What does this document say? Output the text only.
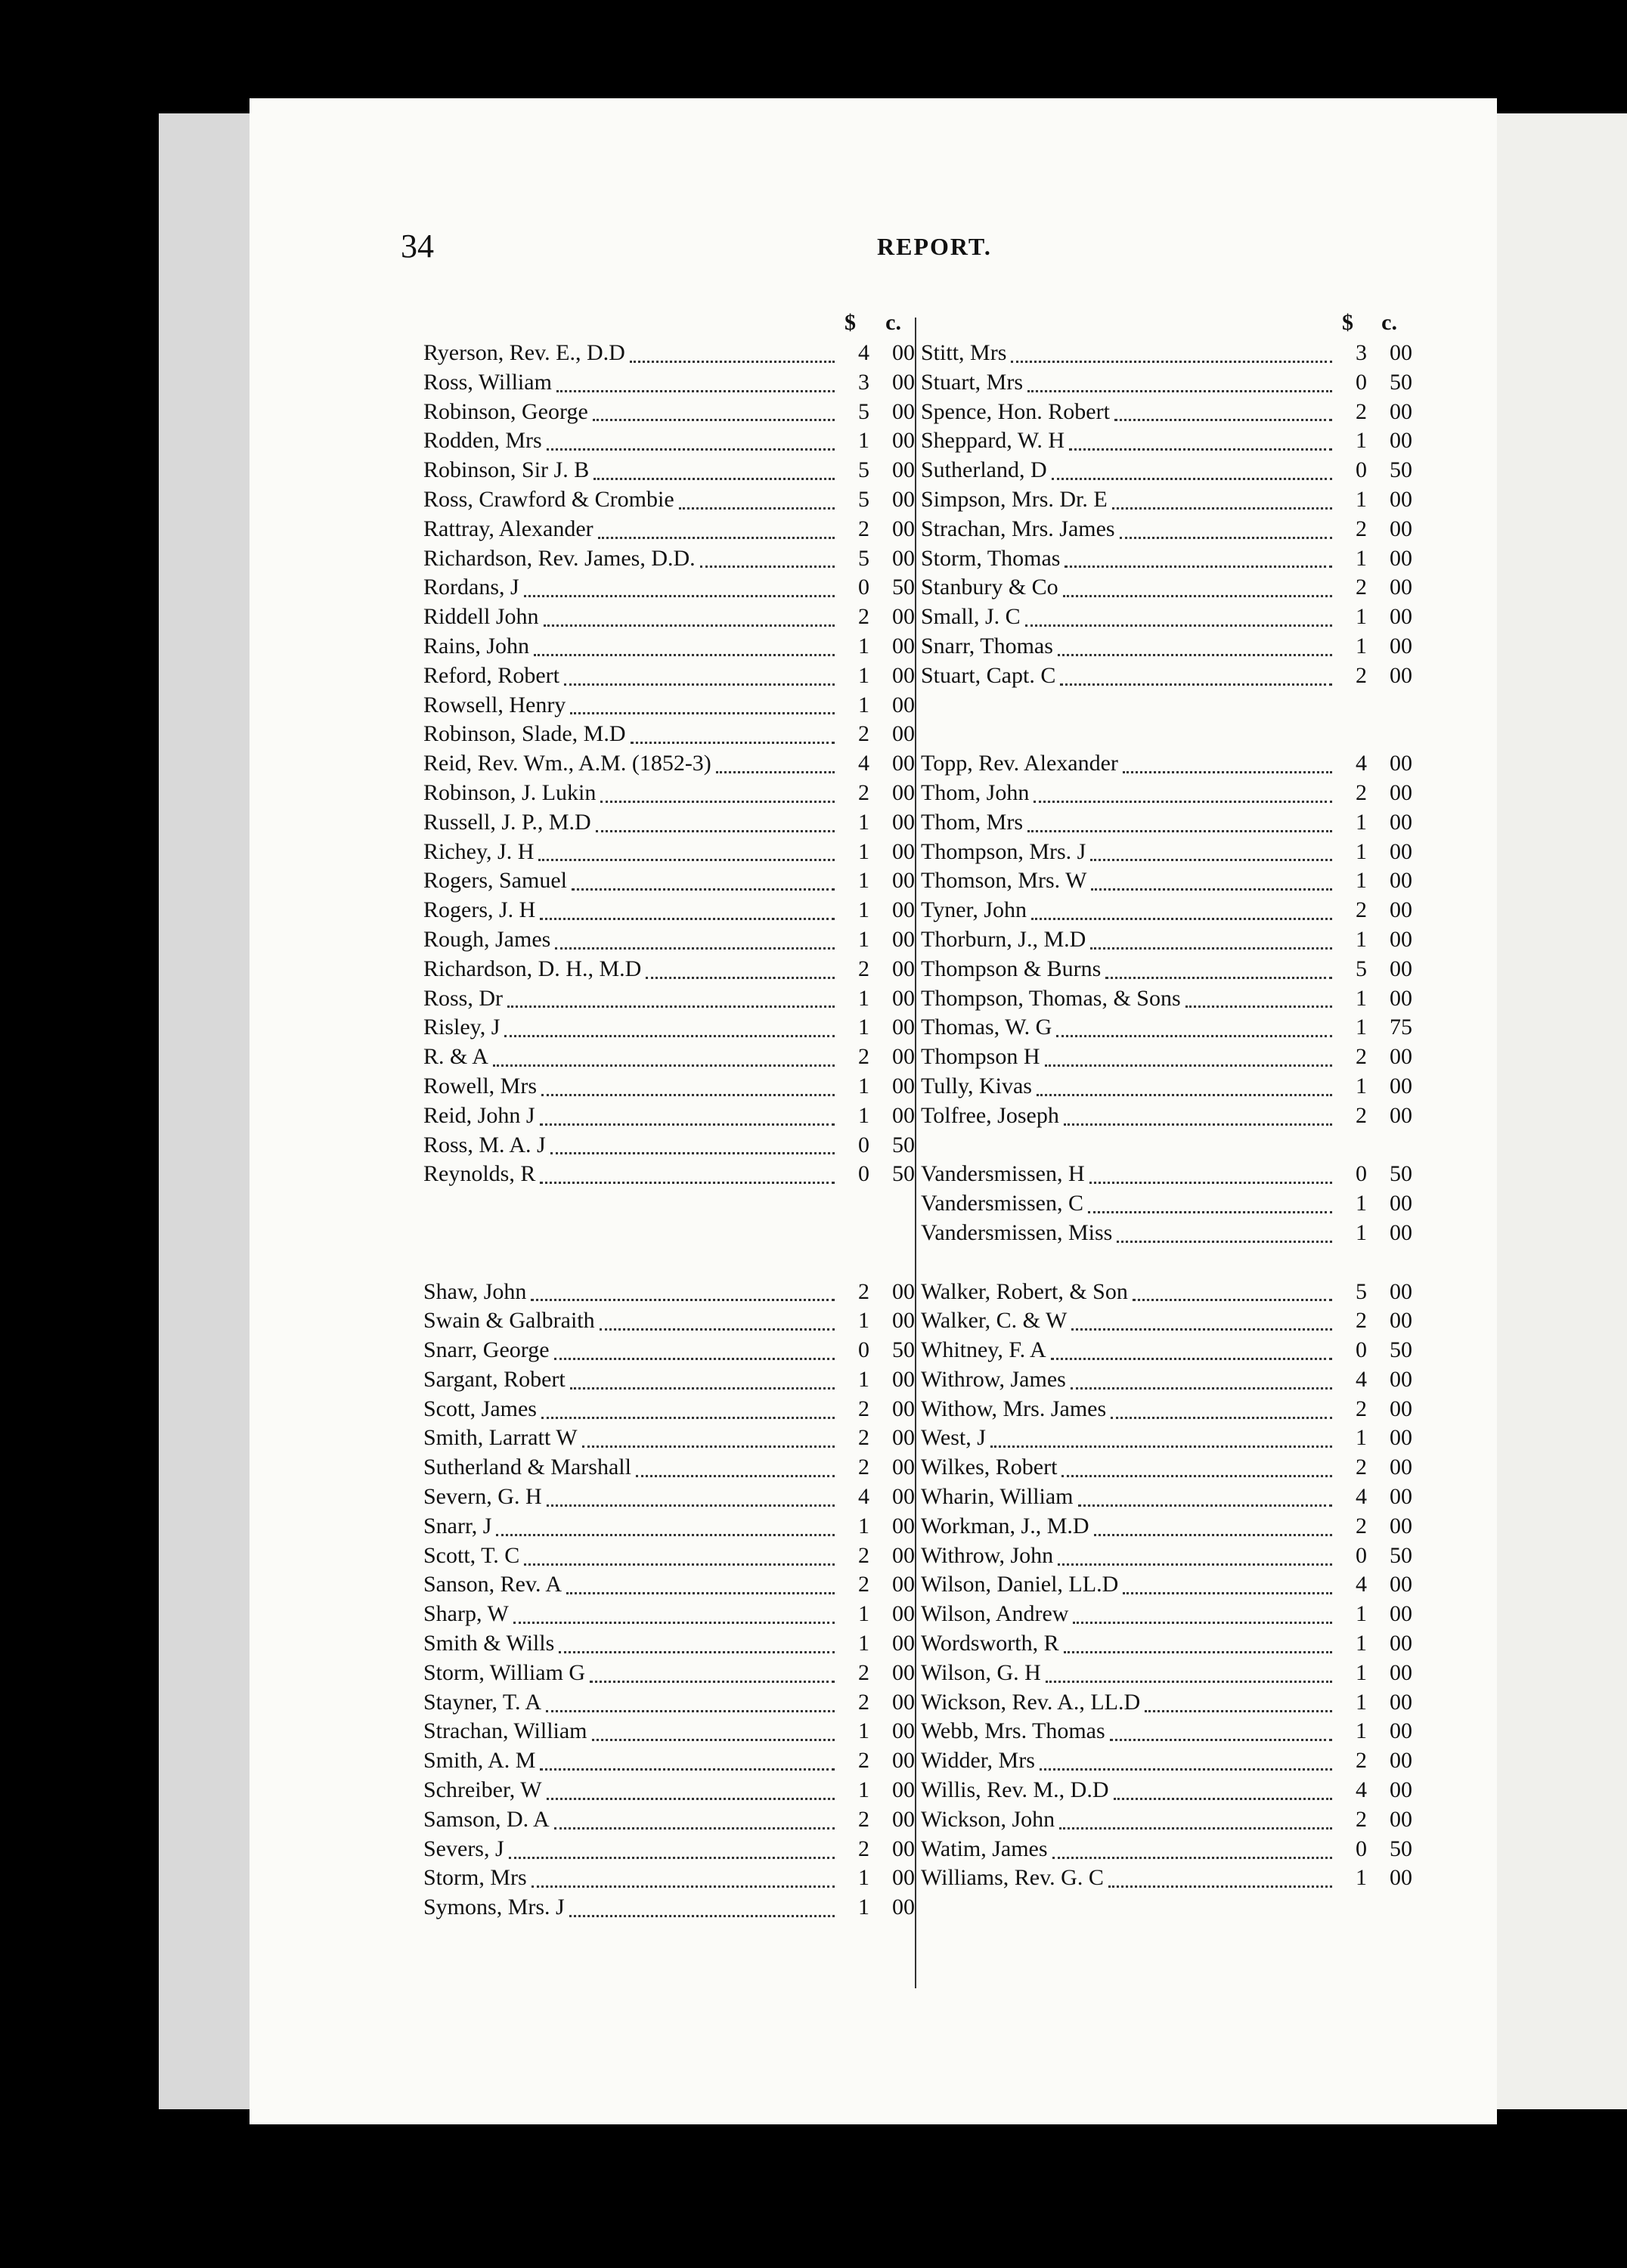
34	REPORT.
$ c.
Ryerson, Rev. E., D.D	4	00
Ross, William	3	00
Robinson, George	5	00
Rodden, Mrs	1	00
Robinson, Sir J. B	5	00
Ross, Crawford & Crombie	5	00
Rattray, Alexander	2	00
Richardson, Rev. James, D.D.	5	00
Rordans, J	0	50
Riddell John	2	00
Rains, John	1	00
Reford, Robert	1	00
Rowsell, Henry	1	00
Robinson, Slade, M.D	2	00
Reid, Rev. Wm., A.M. (1852-3)	4	00
Robinson, J. Lukin	2	00
Russell, J. P., M.D	1	00
Richey, J. H	1	00
Rogers, Samuel	1	00
Rogers, J. H	1	00
Rough, James	1	00
Richardson, D. H., M.D	2	00
Ross, Dr	1	00
Risley, J	1	00
R. & A	2	00
Rowell, Mrs	1	00
Reid, John J	1	00
Ross, M. A. J	0	50
Reynolds, R	0	50
Shaw, John	2	00
Swain & Galbraith	1	00
Snarr, George	0	50
Sargant, Robert	1	00
Scott, James	2	00
Smith, Larratt W	2	00
Sutherland & Marshall	2	00
Severn, G. H	4	00
Snarr, J	1	00
Scott, T. C	2	00
Sanson, Rev. A	2	00
Sharp, W	1	00
Smith & Wills	1	00
Storm, William G	2	00
Stayner, T. A	2	00
Strachan, William	1	00
Smith, A. M	2	00
Schreiber, W	1	00
Samson, D. A	2	00
Severs, J	2	00
Storm, Mrs	1	00
Symons, Mrs. J	1	00
$ c.
Stitt, Mrs	3	00
Stuart, Mrs	0	50
Spence, Hon. Robert	2	00
Sheppard, W. H	1	00
Sutherland, D	0	50
Simpson, Mrs. Dr. E	1	00
Strachan, Mrs. James	2	00
Storm, Thomas	1	00
Stanbury & Co	2	00
Small, J. C	1	00
Snarr, Thomas	1	00
Stuart, Capt. C	2	00
Topp, Rev. Alexander	4	00
Thom, John	2	00
Thom, Mrs	1	00
Thompson, Mrs. J	1	00
Thomson, Mrs. W	1	00
Tyner, John	2	00
Thorburn, J., M.D	1	00
Thompson & Burns	5	00
Thompson, Thomas, & Sons	1	00
Thomas, W. G	1	75
Thompson H	2	00
Tully, Kivas	1	00
Tolfree, Joseph	2	00
Vandersmissen, H	0	50
Vandersmissen, C	1	00
Vandersmissen, Miss	1	00
Walker, Robert, & Son	5	00
Walker, C. & W	2	00
Whitney, F. A	0	50
Withrow, James	4	00
Withow, Mrs. James	2	00
West, J	1	00
Wilkes, Robert	2	00
Wharin, William	4	00
Workman, J., M.D	2	00
Withrow, John	0	50
Wilson, Daniel, LL.D	4	00
Wilson, Andrew	1	00
Wordsworth, R	1	00
Wilson, G. H	1	00
Wickson, Rev. A., LL.D	1	00
Webb, Mrs. Thomas	1	00
Widder, Mrs	2	00
Willis, Rev. M., D.D	4	00
Wickson, John	2	00
Watim, James	0	50
Williams, Rev. G. C	1	00
